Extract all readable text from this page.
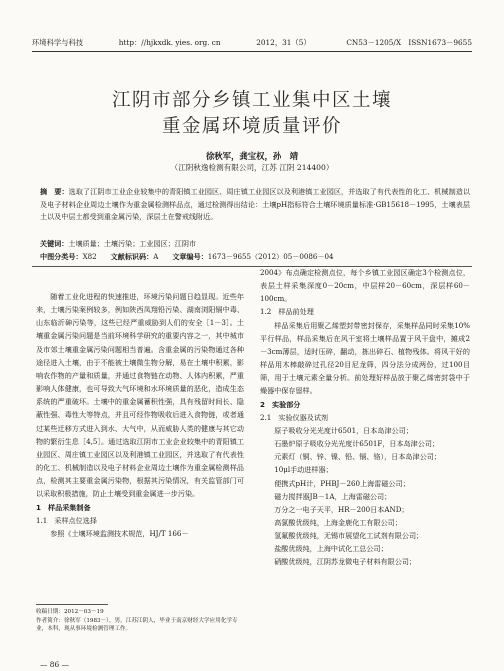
环境科学与科技	http：//hjkxdk. yies. org. cn	2012，31（5）	CN53－1205/X　ISSN1673－9655
江阴市部分乡镇工业集中区土壤
重金属环境质量评价
徐秋军，龚宝权，孙　靖
（江阴秋逸检测有限公司，江苏 江阴 214400）
摘　要：选取了江阴市工业企业较集中的青阳镇工业园区、周庄镇工业园区以及利港镇工业园区，并选取了有代表性的化工、机械制造以及电子材料企业周边土壤作为重金属检测样品点，通过检测得出结论：土壤pH指标符合土壤环境质量标准·GB15618－1995，土壤表层土以及中层土都受到重金属污染，深层土在警戒线附近。
关键词：土壤质量；土壤污染；工业园区；江阴市
中图分类号：X82 文献标识码：A 文章编号：1673－9655（2012）05－0086－04

随着工业化进程的快速推进，环境污染问题日趋显现。近些年来，土壤污染案例较多，例如陕西凤翔铅污染、湖南浏阳镉中毒、山东临沂砷污染等，这些已经严重威胁到人们的安全［1－3］。土壤重金属污染问题是当前环境科学研究的重要内容之一，其中城市及市郊土壤重金属污染问题相当普遍。含重金属的污染物通过各种途径进入土壤，由于不能被土壤微生物分解，易在土壤中积累，影响农作物的产量和质量，并通过食物链在动物、人体内积累，严重影响人体健康，也可导致大气环境和水环境质量的恶化，造成生态系统的严重破坏。土壤中的重金属蓄积性强，具有残留时间长、隐蔽性强、毒性大等特点，并且可经作物吸收后进入食物链，或者通过某些迁移方式进入到水、大气中，从而威胁人类的健康与其它动物的繁衍生息［4,5］。通过选取江阴市工业企业较集中的青阳镇工业园区、周庄镇工业园区以及利港镇工业园区，并选取了有代表性的化工、机械制造以及电子材料企业周边土壤作为重金属检测样品点，检测其主要重金属污染物，根据其污染情况，有关监管部门可以采取积极措施，防止土壤受到重金属进一步污染。

1　样品采集制备

1.1　采样点位选择

参照《土壤环境监测技术规范，HJ/T 166－

2004》布点确定检测点位，每个乡镇工业园区确定3个检测点位，表层土样采集深度0－20cm，中层样20－60cm，深层样60－100cm。

1.2　样品前处理

样品采集后用聚乙烯塑封带密封保存，采集样品同时采集10%平行样品，样品采集后在风干室将土壤样品置于风干盘中，摊成2－3cm薄层，适时压碎，翻动，拣出碎石、植物残体。将风干好的样品用木棒敲碎过孔径20目尼龙筛，四分法分成两份，过100目筛，用于土壤元素全量分析。前处理好样品放于聚乙烯密封袋中于燥器中保存留样。

2　实验部分

2.1　实验仪器及试剂

原子吸收分光光度计6501，日本岛津公司；

石墨炉原子吸收分光光度计6501F，日本岛津公司；

元素灯（铜、锌、镍、铅、镉、铬），日本岛津公司；

10μl手动进样器；

便携式pH计，PHBJ－260上海雷磁公司；

磁力搅拌器JB－1A，上海雷磁公司；

万分之一电子天平，HR－200日本AND；

高氯酸优级纯，上海金鹿化工有限公司；

氢氟酸优级纯，无锡市展望化工试剂有限公司；

盐酸优级纯，上海中试化工总公司；

硝酸优级纯，江阴苏龙微电子材料有限公司；

收稿日期：2012－03－19
作者简介：徐秋军（1983－），男，江苏江阴人，毕业于南京财经大学应用化学专业，本科，现从事环境检测管理工作。
— 86 —
